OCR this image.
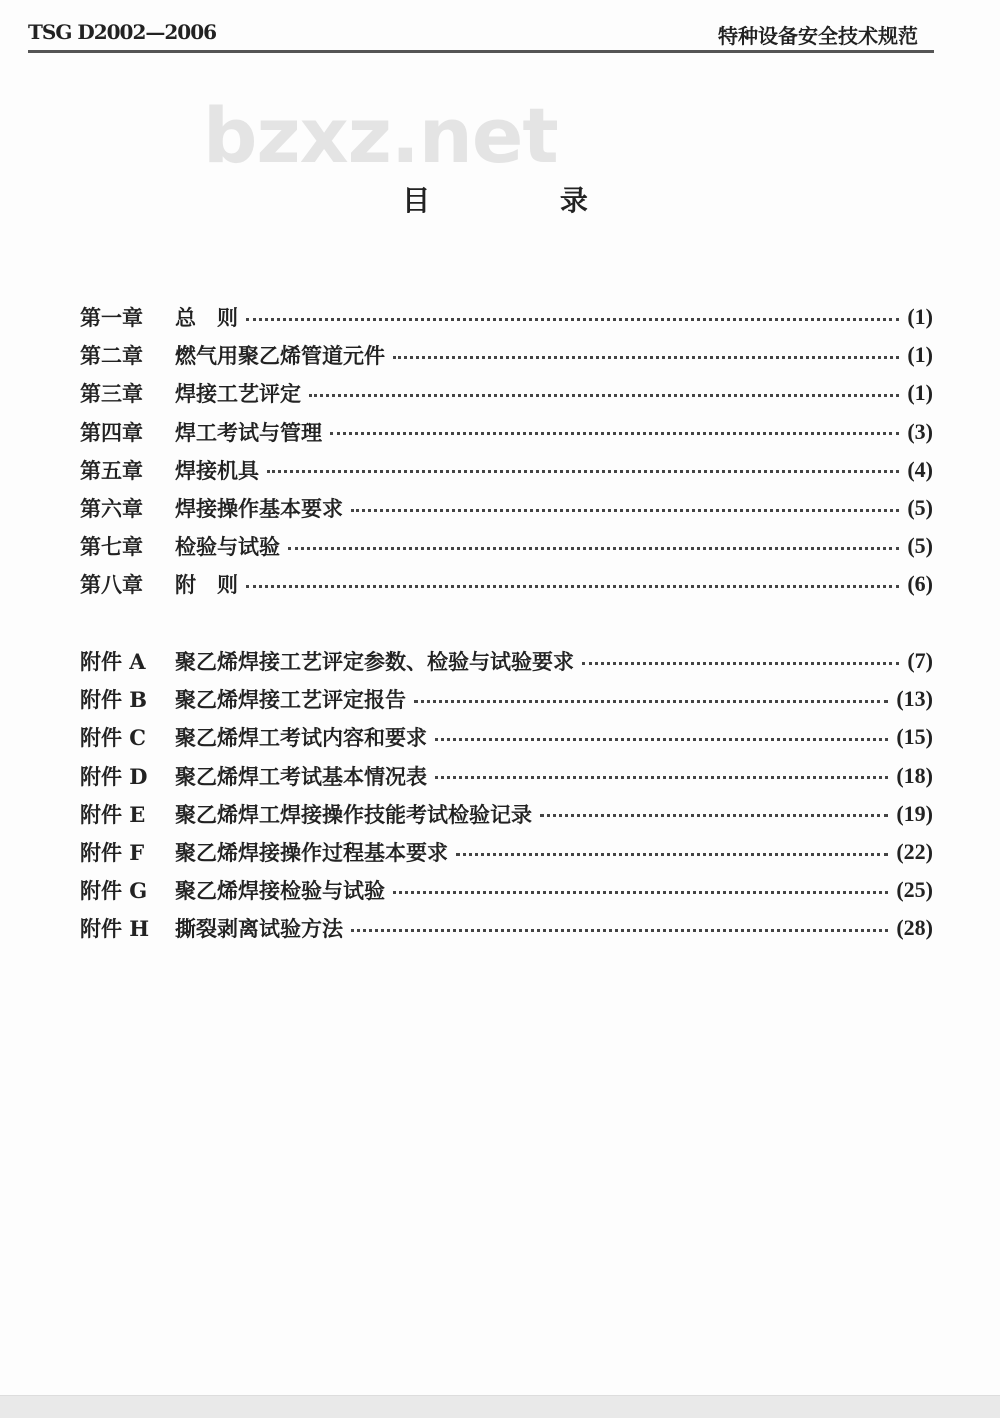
TSG D2002—2006	特种设备安全技术规范
bzxz.net
目 录
第一章	总　则	(1)
第二章	燃气用聚乙烯管道元件	(1)
第三章	焊接工艺评定	(1)
第四章	焊工考试与管理	(3)
第五章	焊接机具	(4)
第六章	焊接操作基本要求	(5)
第七章	检验与试验	(5)
第八章	附　则	(6)
附件 A	聚乙烯焊接工艺评定参数、检验与试验要求	(7)
附件 B	聚乙烯焊接工艺评定报告	(13)
附件 C	聚乙烯焊工考试内容和要求	(15)
附件 D	聚乙烯焊工考试基本情况表	(18)
附件 E	聚乙烯焊工焊接操作技能考试检验记录	(19)
附件 F	聚乙烯焊接操作过程基本要求	(22)
附件 G	聚乙烯焊接检验与试验	(25)
附件 H	撕裂剥离试验方法	(28)
